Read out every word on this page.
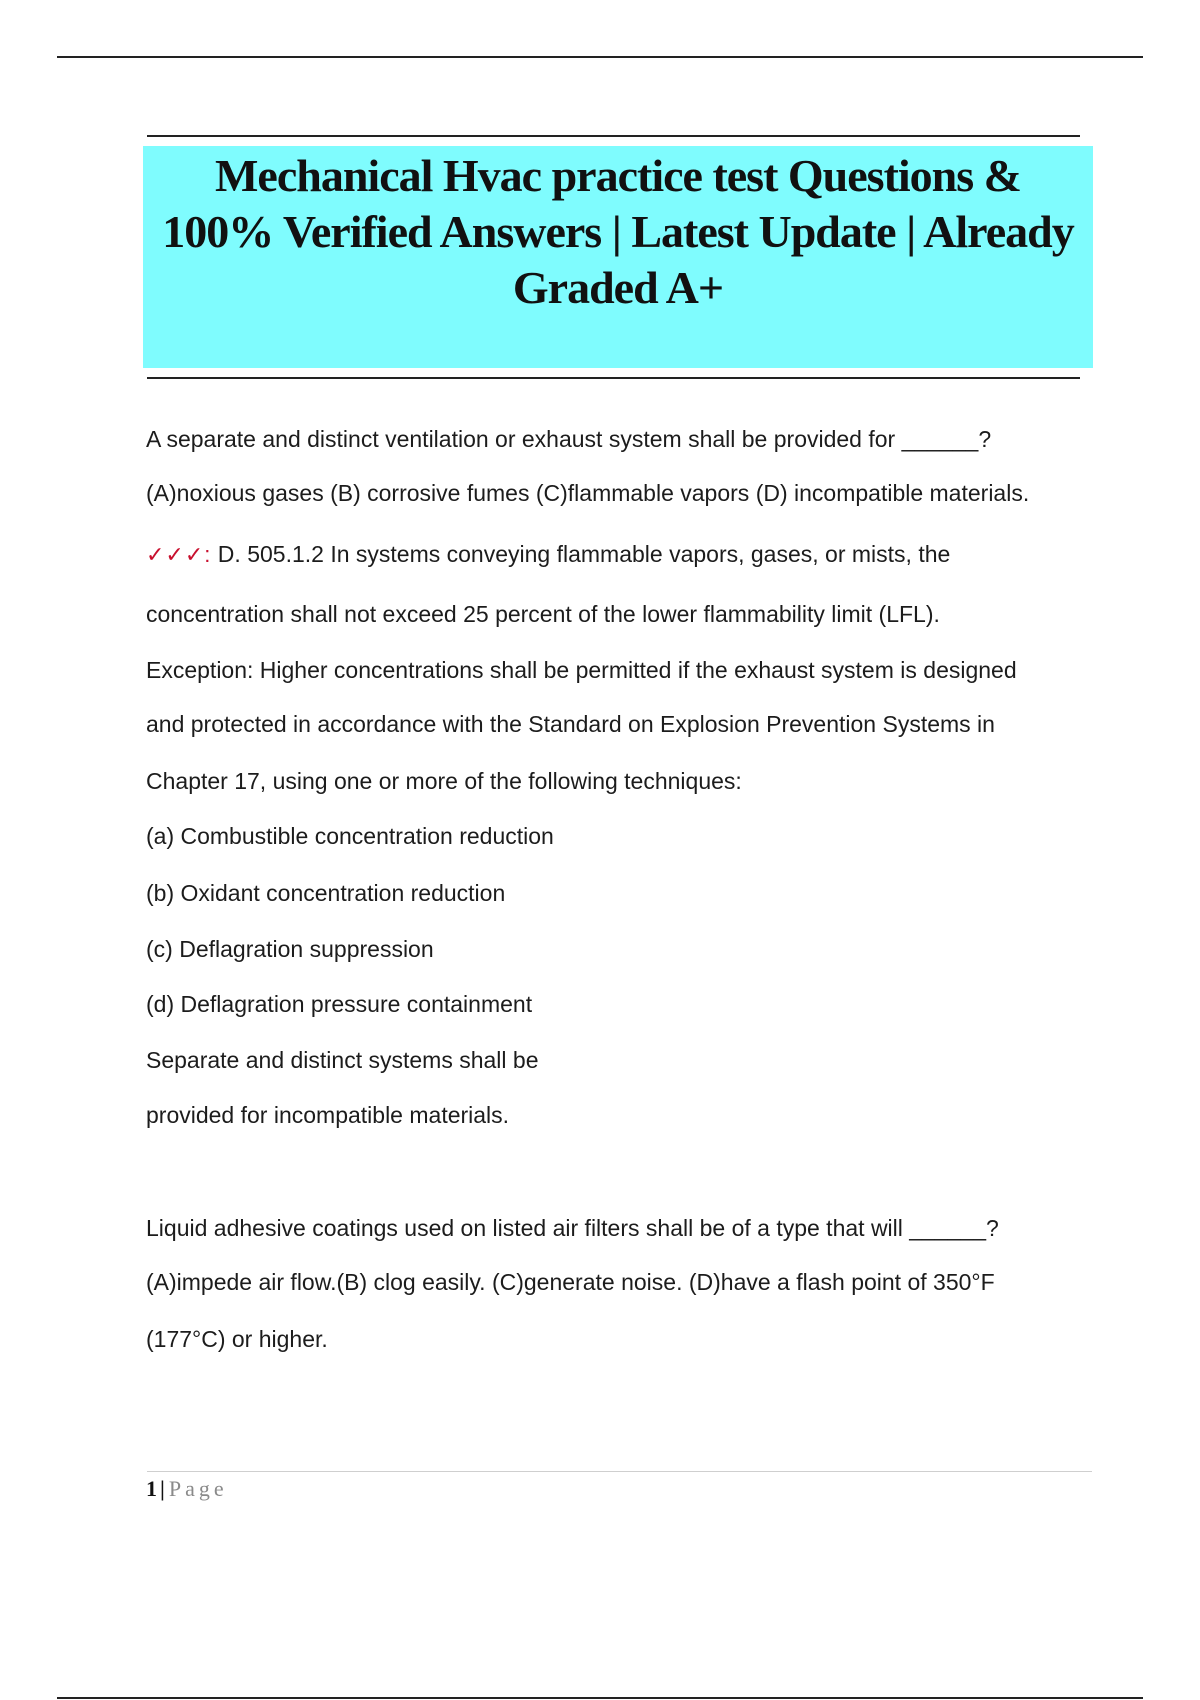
Mechanical Hvac practice test Questions &
100% Verified Answers | Latest Update | Already
Graded A+
A separate and distinct ventilation or exhaust system shall be provided for ______?
(A)noxious gases (B) corrosive fumes (C)flammable vapors (D) incompatible materials.
✓✓✓: D. 505.1.2 In systems conveying flammable vapors, gases, or mists, the
concentration shall not exceed 25 percent of the lower flammability limit (LFL).
Exception: Higher concentrations shall be permitted if the exhaust system is designed
and protected in accordance with the Standard on Explosion Prevention Systems in
Chapter 17, using one or more of the following techniques:
(a) Combustible concentration reduction
(b) Oxidant concentration reduction
(c) Deflagration suppression
(d) Deflagration pressure containment
Separate and distinct systems shall be
provided for incompatible materials.
Liquid adhesive coatings used on listed air filters shall be of a type that will ______?
(A)impede air flow.(B) clog easily. (C)generate noise. (D)have a flash point of 350°F
(177°C) or higher.
1 | Page
